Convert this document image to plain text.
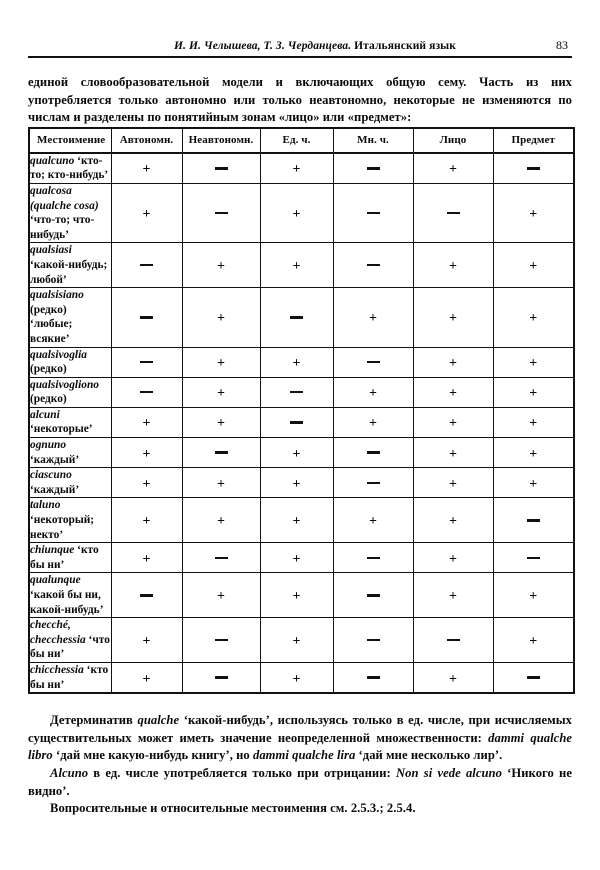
И. И. Челышева, Т. З. Черданцева. Итальянский язык	83

единой словообразовательной модели и включающих общую сему. Часть из них употребляется только автономно или только неавтономно, некоторые не изменяются по числам и разделены по понятийным зонам «лицо» или «предмет»:

Местоимение	Автономн.	Неавтономн.	Ед. ч.	Мн. ч.	Лицо	Предмет
qualcuno ‘кто-то; кто-нибудь’	+		+		+	
qualcosa (qualche cosa) ‘что-то; что-нибудь’	+		+			+
qualsiasi ‘какой-нибудь; любой’		+	+		+	+
qualsisiano (редко) ‘любые; всякие’		+		+	+	+
qualsivoglia (редко)		+	+		+	+
qualsivogliono (редко)		+		+	+	+
alcuni ‘некоторые’	+	+		+	+	+
ognuno ‘каждый’	+		+		+	+
ciascuno ‘каждый’	+	+	+		+	+
taluno ‘некоторый; некто’	+	+	+	+	+	
chiunque ‘кто бы ни’	+		+		+	
qualunque ‘какой бы ни, какой-нибудь’		+	+		+	+
checché, checchessia ‘что бы ни’	+		+			+
chicchessia ‘кто бы ни’	+		+		+	

Детерминатив qualche ‘какой-нибудь’, используясь только в ед. числе, при исчисляемых существительных может иметь значение неопределенной множественности: dammi qualche libro ‘дай мне какую-нибудь книгу’, но dammi qualche lira ‘дай мне несколько лир’.

Alcuno в ед. числе употребляется только при отрицании: Non si vede alcuno ‘Никого не видно’.

Вопросительные и относительные местоимения см. 2.5.3.; 2.5.4.
